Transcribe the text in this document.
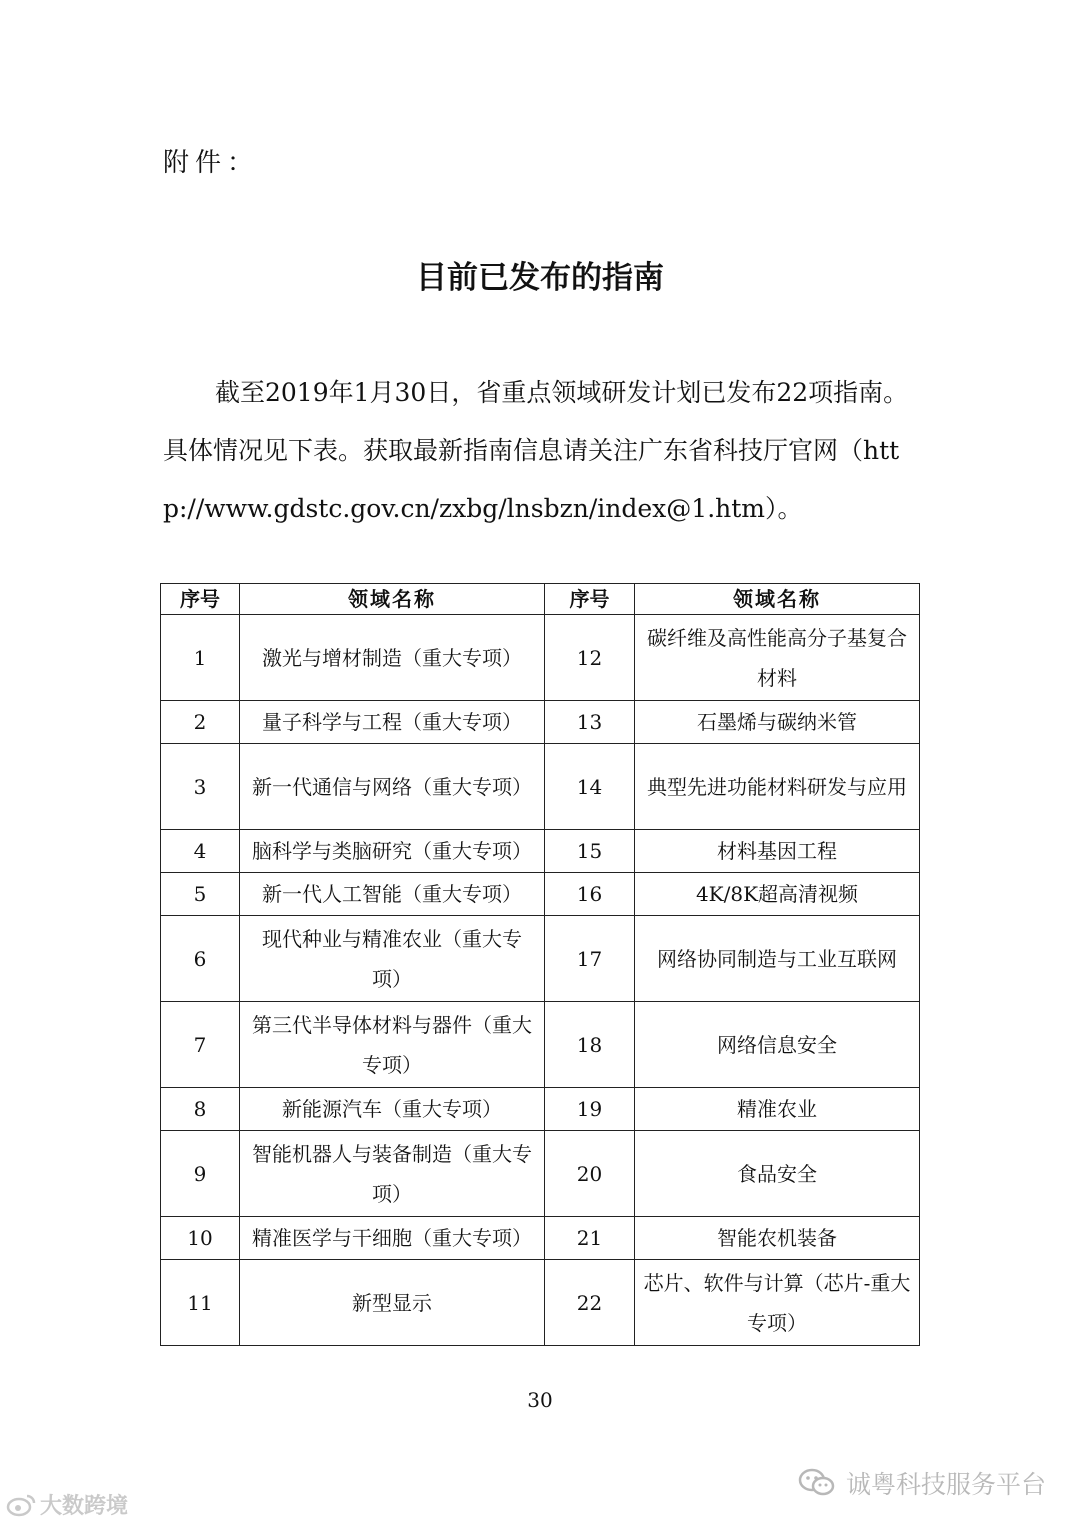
附件：
目前已发布的指南

截至2019年1月30日，省重点领域研发计划已发布22项指南。具体情况见下表。获取最新指南信息请关注广东省科技厅官网（http://www.gdstc.gov.cn/zxbg/lnsbzn/index@1.htm）。

序号	领域名称	序号	领域名称
1	激光与增材制造（重大专项）	12	碳纤维及高性能高分子基复合材料
2	量子科学与工程（重大专项）	13	石墨烯与碳纳米管
3	新一代通信与网络（重大专项）	14	典型先进功能材料研发与应用
4	脑科学与类脑研究（重大专项）	15	材料基因工程
5	新一代人工智能（重大专项）	16	4K/8K超高清视频
6	现代种业与精准农业（重大专项）	17	网络协同制造与工业互联网
7	第三代半导体材料与器件（重大专项）	18	网络信息安全
8	新能源汽车（重大专项）	19	精准农业
9	智能机器人与装备制造（重大专项）	20	食品安全
10	精准医学与干细胞（重大专项）	21	智能农机装备
11	新型显示	22	芯片、软件与计算（芯片-重大专项）
30
大数跨境
诚粤科技服务平台
